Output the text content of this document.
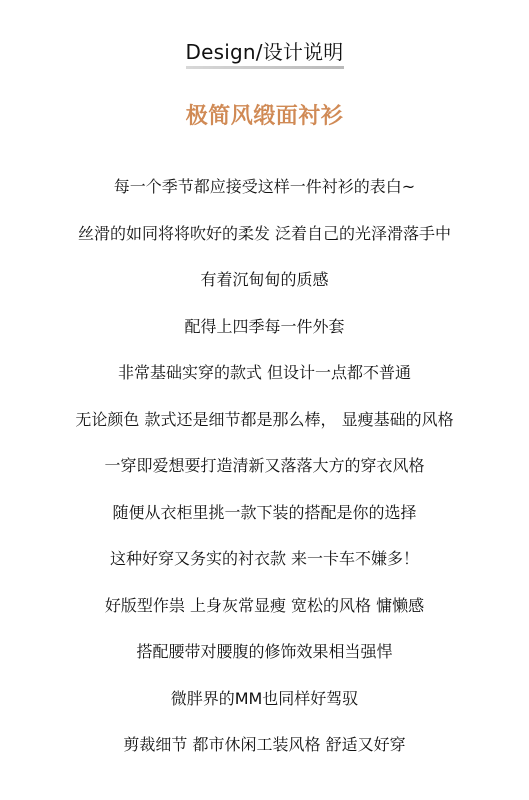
Design/设计说明
极简风缎面衬衫
每一个季节都应接受这样一件衬衫的表白~
丝滑的如同将将吹好的柔发 泛着自己的光泽滑落手中
有着沉甸甸的质感
配得上四季每一件外套
非常基础实穿的款式 但设计一点都不普通
无论颜色 款式还是细节都是那么棒， 显瘦基础的风格
一穿即爱想要打造清新又落落大方的穿衣风格
随便从衣柜里挑一款下装的搭配是你的选择
这种好穿又务实的衬衣款 来一卡车不嫌多！
好版型作祟 上身灰常显瘦 宽松的风格 慵懒感
搭配腰带对腰腹的修饰效果相当强悍
微胖界的MM也同样好驾驭
剪裁细节 都市休闲工装风格 舒适又好穿
